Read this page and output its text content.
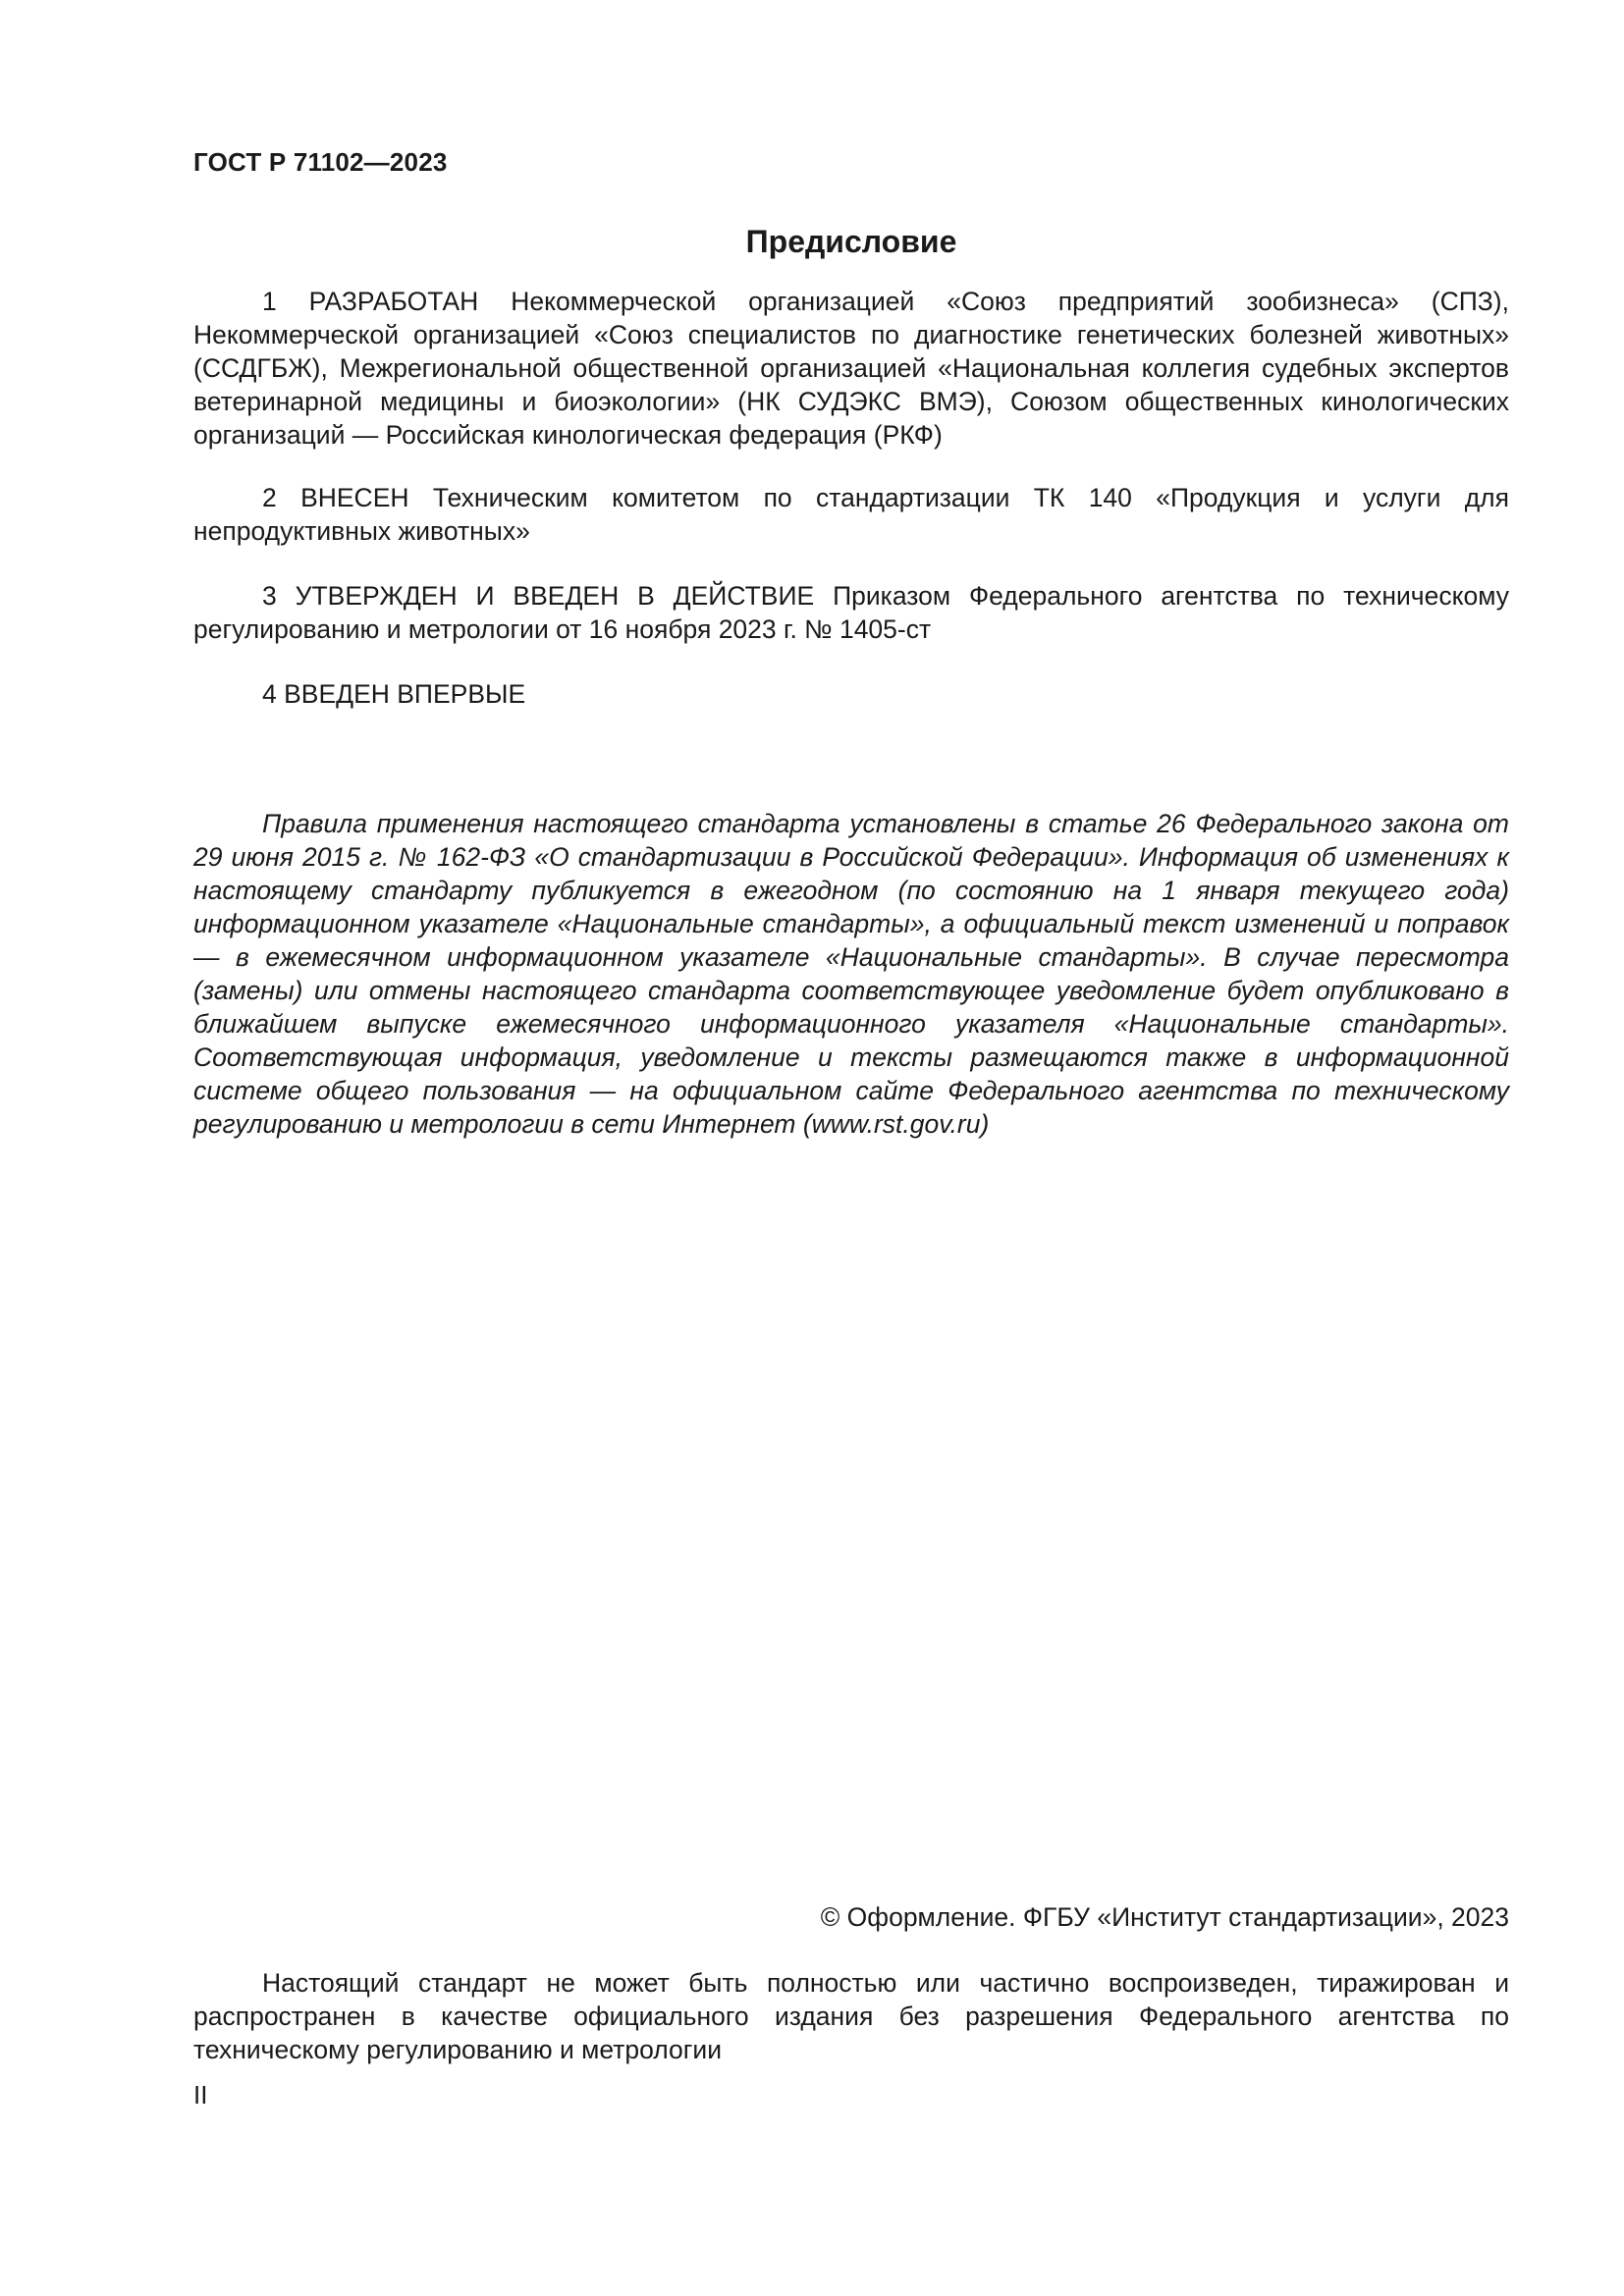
ГОСТ Р 71102—2023
Предисловие

1 РАЗРАБОТАН Некоммерческой организацией «Союз предприятий зообизнеса» (СПЗ), Некоммерческой организацией «Союз специалистов по диагностике генетических болезней животных» (ССДГБЖ), Межрегиональной общественной организацией «Национальная коллегия судебных экспертов ветеринарной медицины и биоэкологии» (НК СУДЭКС ВМЭ), Союзом общественных кинологических организаций — Российская кинологическая федерация (РКФ)

2 ВНЕСЕН Техническим комитетом по стандартизации ТК 140 «Продукция и услуги для непродуктивных животных»

3 УТВЕРЖДЕН И ВВЕДЕН В ДЕЙСТВИЕ Приказом Федерального агентства по техническому регулированию и метрологии от 16 ноября 2023 г. № 1405-ст

4 ВВЕДЕН ВПЕРВЫЕ

Правила применения настоящего стандарта установлены в статье 26 Федерального закона от 29 июня 2015 г. № 162-ФЗ «О стандартизации в Российской Федерации». Информация об изменениях к настоящему стандарту публикуется в ежегодном (по состоянию на 1 января текущего года) информационном указателе «Национальные стандарты», а официальный текст изменений и поправок — в ежемесячном информационном указателе «Национальные стандарты». В случае пересмотра (замены) или отмены настоящего стандарта соответствующее уведомление будет опубликовано в ближайшем выпуске ежемесячного информационного указателя «Национальные стандарты». Соответствующая информация, уведомление и тексты размещаются также в информационной системе общего пользования — на официальном сайте Федерального агентства по техническому регулированию и метрологии в сети Интернет (www.rst.gov.ru)

© Оформление. ФГБУ «Институт стандартизации», 2023

Настоящий стандарт не может быть полностью или частично воспроизведен, тиражирован и распространен в качестве официального издания без разрешения Федерального агентства по техническому регулированию и метрологии

II
